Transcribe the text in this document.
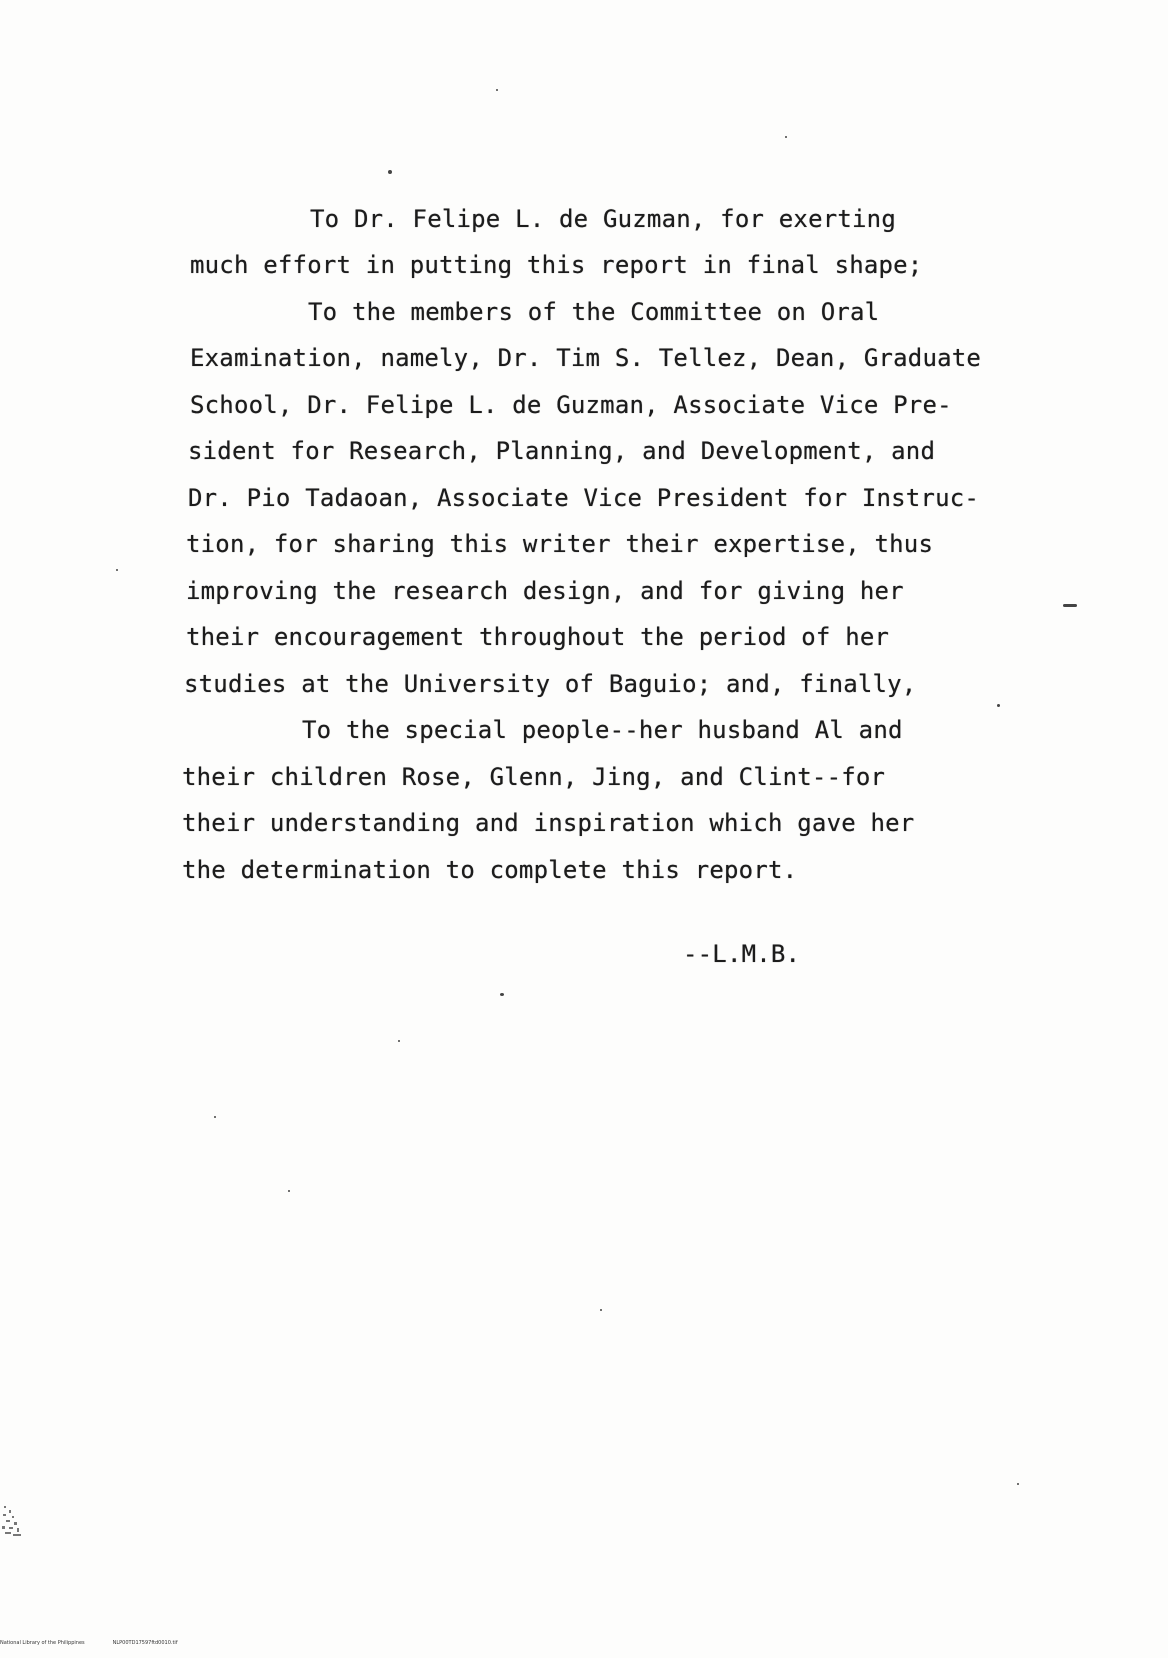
To Dr. Felipe L. de Guzman, for exerting
much effort in putting this report in final shape;
To the members of the Committee on Oral
Examination, namely, Dr. Tim S. Tellez, Dean, Graduate
School, Dr. Felipe L. de Guzman, Associate Vice Pre-
sident for Research, Planning, and Development, and
Dr. Pio Tadaoan, Associate Vice President for Instruc-
tion, for sharing this writer their expertise, thus
improving the research design, and for giving her
their encouragement throughout the period of her
studies at the University of Baguio; and, finally,
To the special people--her husband Al and
their children Rose, Glenn, Jing, and Clint--for
their understanding and inspiration which gave her
the determination to complete this report.
--L.M.B.
National Library of the Philippines	NLP00TD17597ftd0010.tif
